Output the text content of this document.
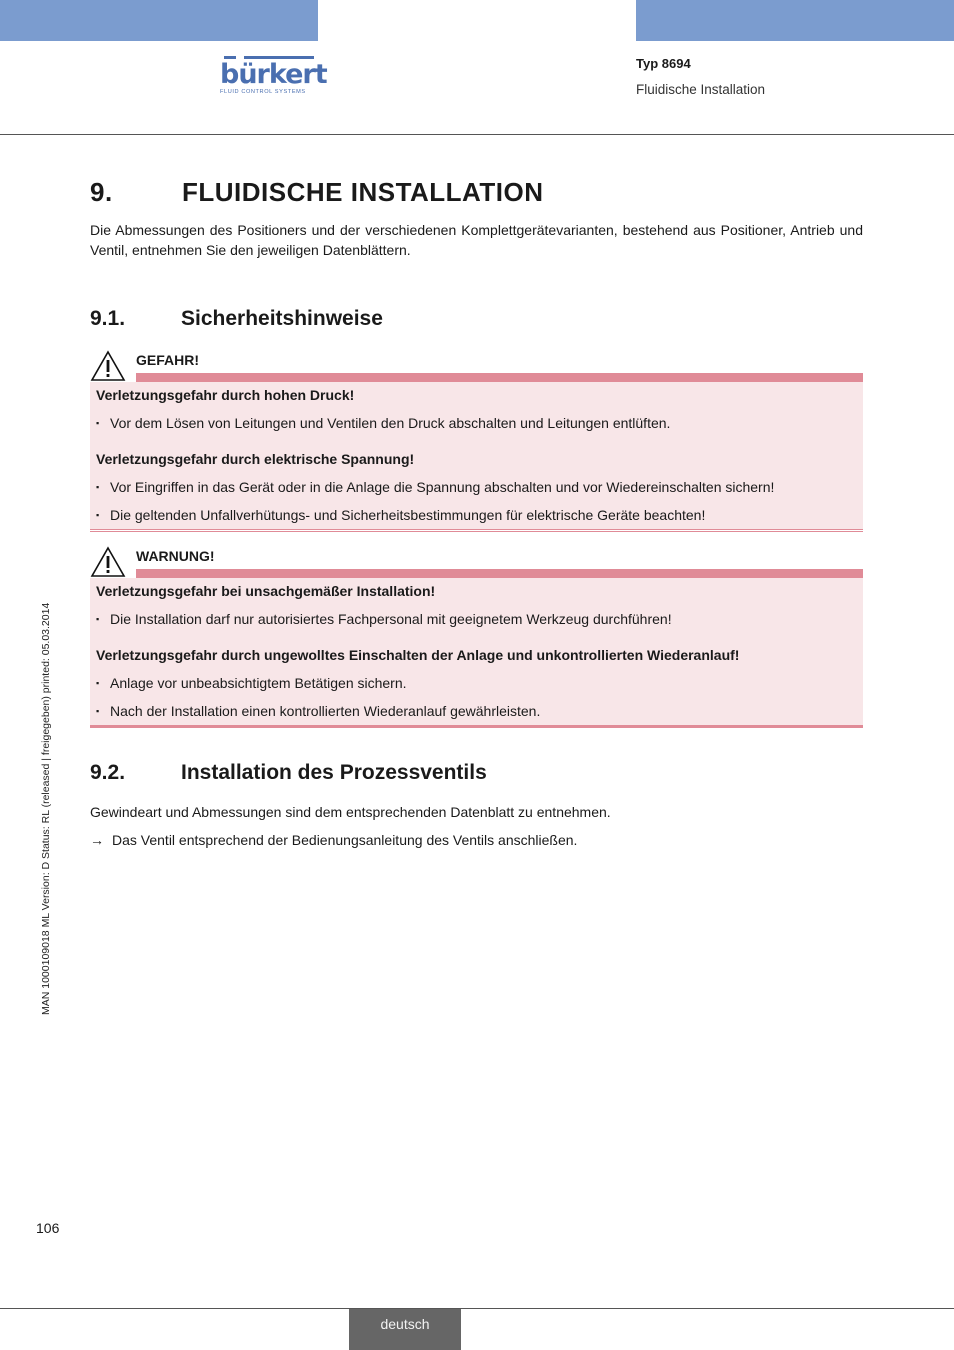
bürkert
FLUID CONTROL SYSTEMS
Typ 8694
Fluidische Installation
MAN 1000109018 ML Version: D Status: RL (released | freigegeben) printed: 05.03.2014
9.	FLUIDISCHE INSTALLATION

Die Abmessungen des Positioners und der verschiedenen Komplettgerätevarianten, bestehend aus Positioner, Antrieb und Ventil, entnehmen Sie den jeweiligen Datenblättern.

9.1.	Sicherheitshinweise
GEFAHR!
Verletzungsgefahr durch hohen Druck!
▪ Vor dem Lösen von Leitungen und Ventilen den Druck abschalten und Leitungen entlüften.
Verletzungsgefahr durch elektrische Spannung!
▪ Vor Eingriffen in das Gerät oder in die Anlage die Spannung abschalten und vor Wiedereinschalten sichern!
▪ Die geltenden Unfallverhütungs- und Sicherheitsbestimmungen für elektrische Geräte beachten!
WARNUNG!
Verletzungsgefahr bei unsachgemäßer Installation!
▪ Die Installation darf nur autorisiertes Fachpersonal mit geeignetem Werkzeug durchführen!
Verletzungsgefahr durch ungewolltes Einschalten der Anlage und unkontrollierten Wiederanlauf!
▪ Anlage vor unbeabsichtigtem Betätigen sichern.
▪ Nach der Installation einen kontrollierten Wiederanlauf gewährleisten.
9.2.	Installation des Prozessventils

Gewindeart und Abmessungen sind dem entsprechenden Datenblatt zu entnehmen.

→ Das Ventil entsprechend der Bedienungsanleitung des Ventils anschließen.

106
deutsch
